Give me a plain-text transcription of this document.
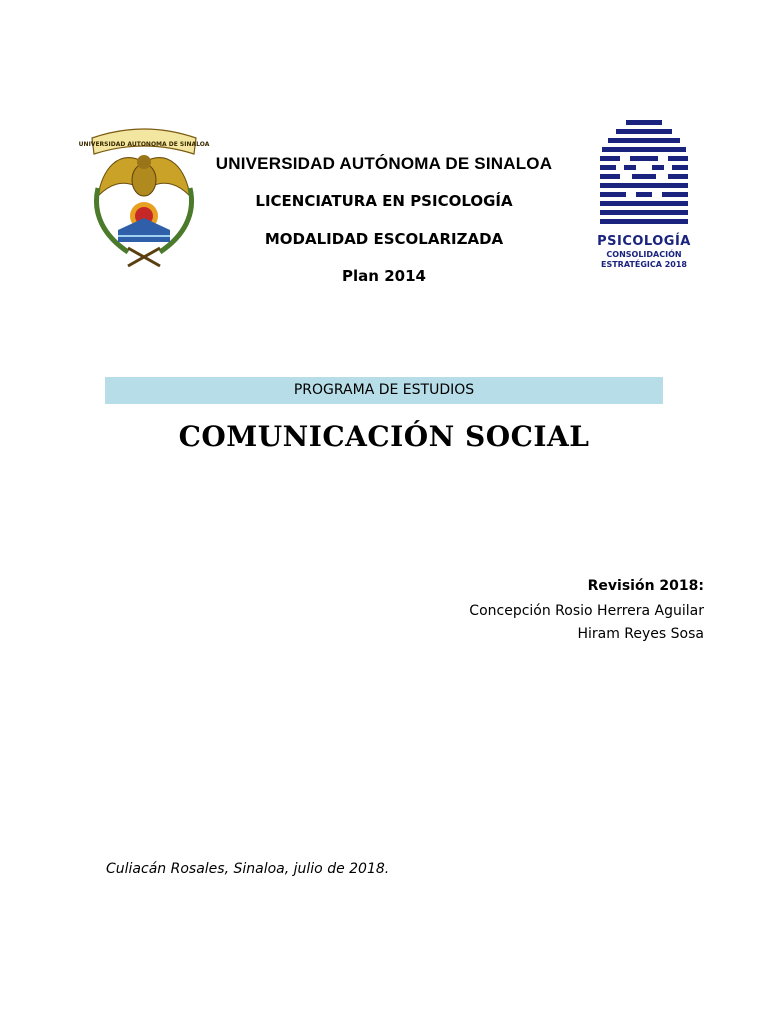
UNIVERSIDAD AUTONOMA DE SINALOA
UNIVERSIDAD AUTÓNOMA DE SINALOA
LICENCIATURA EN PSICOLOGÍA
MODALIDAD ESCOLARIZADA
Plan 2014
PSICOLOGÍA
CONSOLIDACIÓN
ESTRATÉGICA 2018
PROGRAMA DE ESTUDIOS
COMUNICACIÓN SOCIAL
Revisión 2018:
Concepción Rosio Herrera Aguilar
Hiram Reyes Sosa
Culiacán Rosales, Sinaloa, julio de 2018.
